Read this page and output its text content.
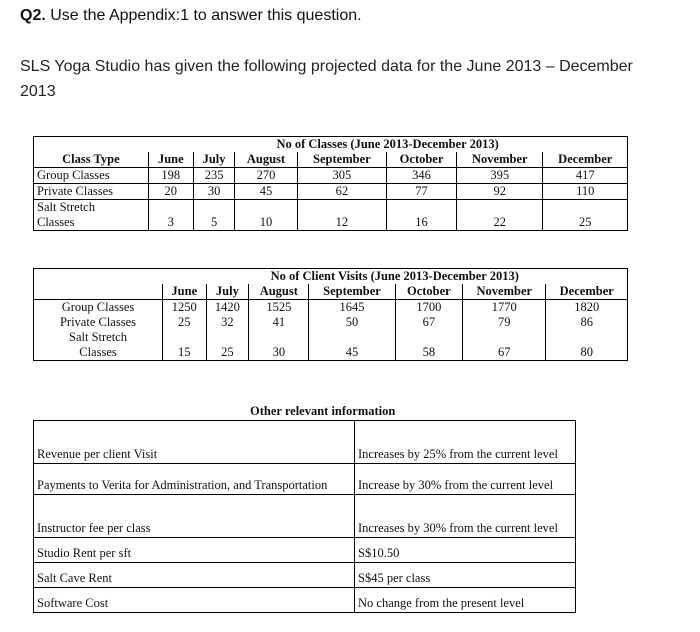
Q2. Use the Appendix:1 to answer this question.
SLS Yoga Studio has given the following projected data for the June 2013 – December 2013
	No of Classes (June 2013-December 2013)						
Class Type	June	July	August	September	October	November	December
Group Classes	198	235	270	305	346	395	417
Private Classes	20	30	45	62	77	92	110

Salt Stretch
Classes	3	5	10	12	16	22	25
	No of Client Visits (June 2013-December 2013)						
	June	July	August	September	October	November	December
Group Classes	1250	1420	1525	1645	1700	1770	1820
Private Classes	25	32	41	50	67	79	86

Salt Stretch
Classes	15	25	30	45	58	67	80
Other relevant information
Revenue per client Visit	Increases by 25% from the current level
Payments to Verita for Administration, and Transportation	Increase by 30% from the current level
Instructor fee per class	Increases by 30% from the current level
Studio Rent per sft	S$10.50
Salt Cave Rent	S$45 per class
Software Cost	No change from the present level
